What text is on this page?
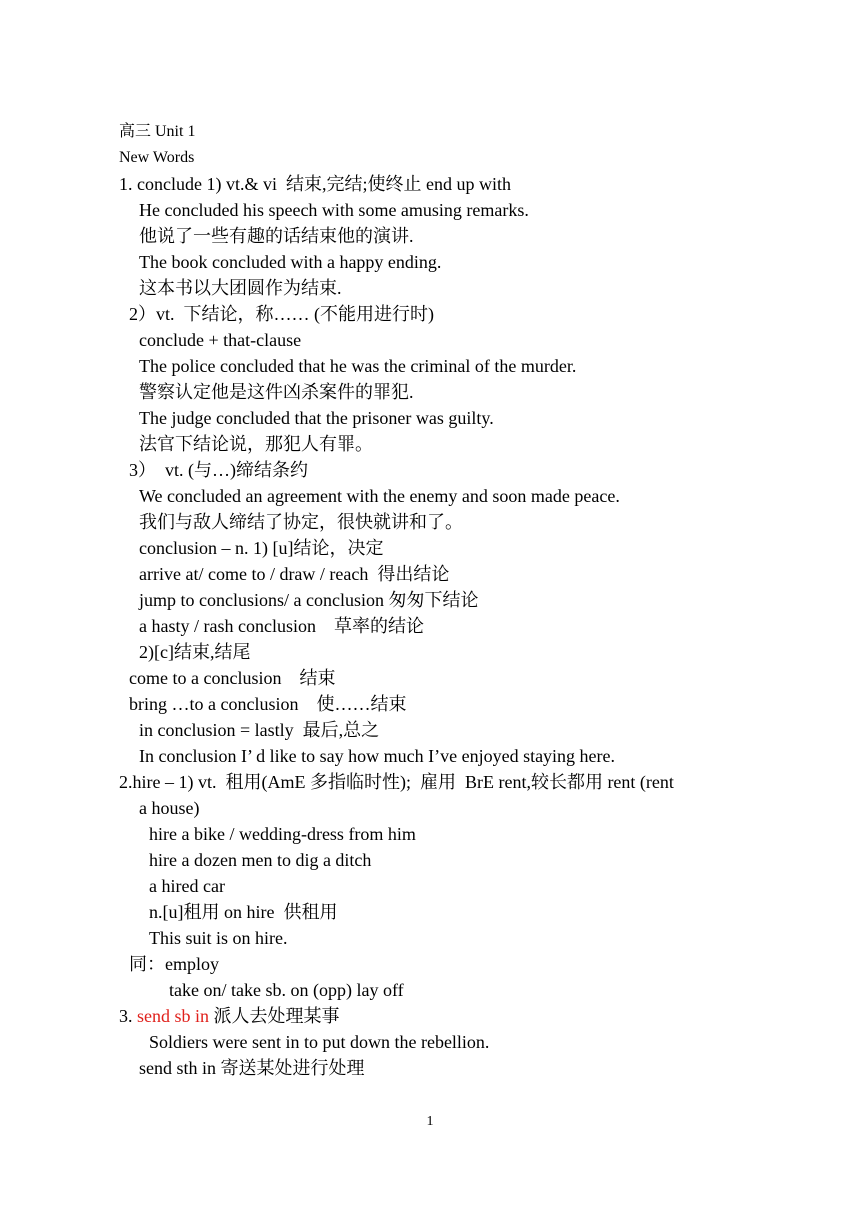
高三 Unit 1
New Words
1. conclude 1) vt.& vi  结束,完结;使终止 end up with
He concluded his speech with some amusing remarks.
他说了一些有趣的话结束他的演讲.
The book concluded with a happy ending.
这本书以大团圆作为结束.
2）vt.  下结论，称…… (不能用进行时)
conclude + that-clause
The police concluded that he was the criminal of the murder.
警察认定他是这件凶杀案件的罪犯.
The judge concluded that the prisoner was guilty.
法官下结论说，那犯人有罪。
3）  vt. (与…)缔结条约
We concluded an agreement with the enemy and soon made peace.
我们与敌人缔结了协定，很快就讲和了。
conclusion – n. 1) [u]结论，决定
arrive at/ come to / draw / reach  得出结论
jump to conclusions/ a conclusion 匆匆下结论
a hasty / rash conclusion    草率的结论
2)[c]结束,结尾
come to a conclusion    结束
bring …to a conclusion    使……结束
in conclusion = lastly  最后,总之
In conclusion I’ d like to say how much I’ve enjoyed staying here.
2.hire – 1) vt.  租用(AmE 多指临时性);  雇用  BrE rent,较长都用 rent (rent
a house)
hire a bike / wedding-dress from him
hire a dozen men to dig a ditch
a hired car
n.[u]租用 on hire  供租用
This suit is on hire.
同：employ
take on/ take sb. on (opp) lay off
3. send sb in 派人去处理某事
Soldiers were sent in to put down the rebellion.
send sth in 寄送某处进行处理
1
